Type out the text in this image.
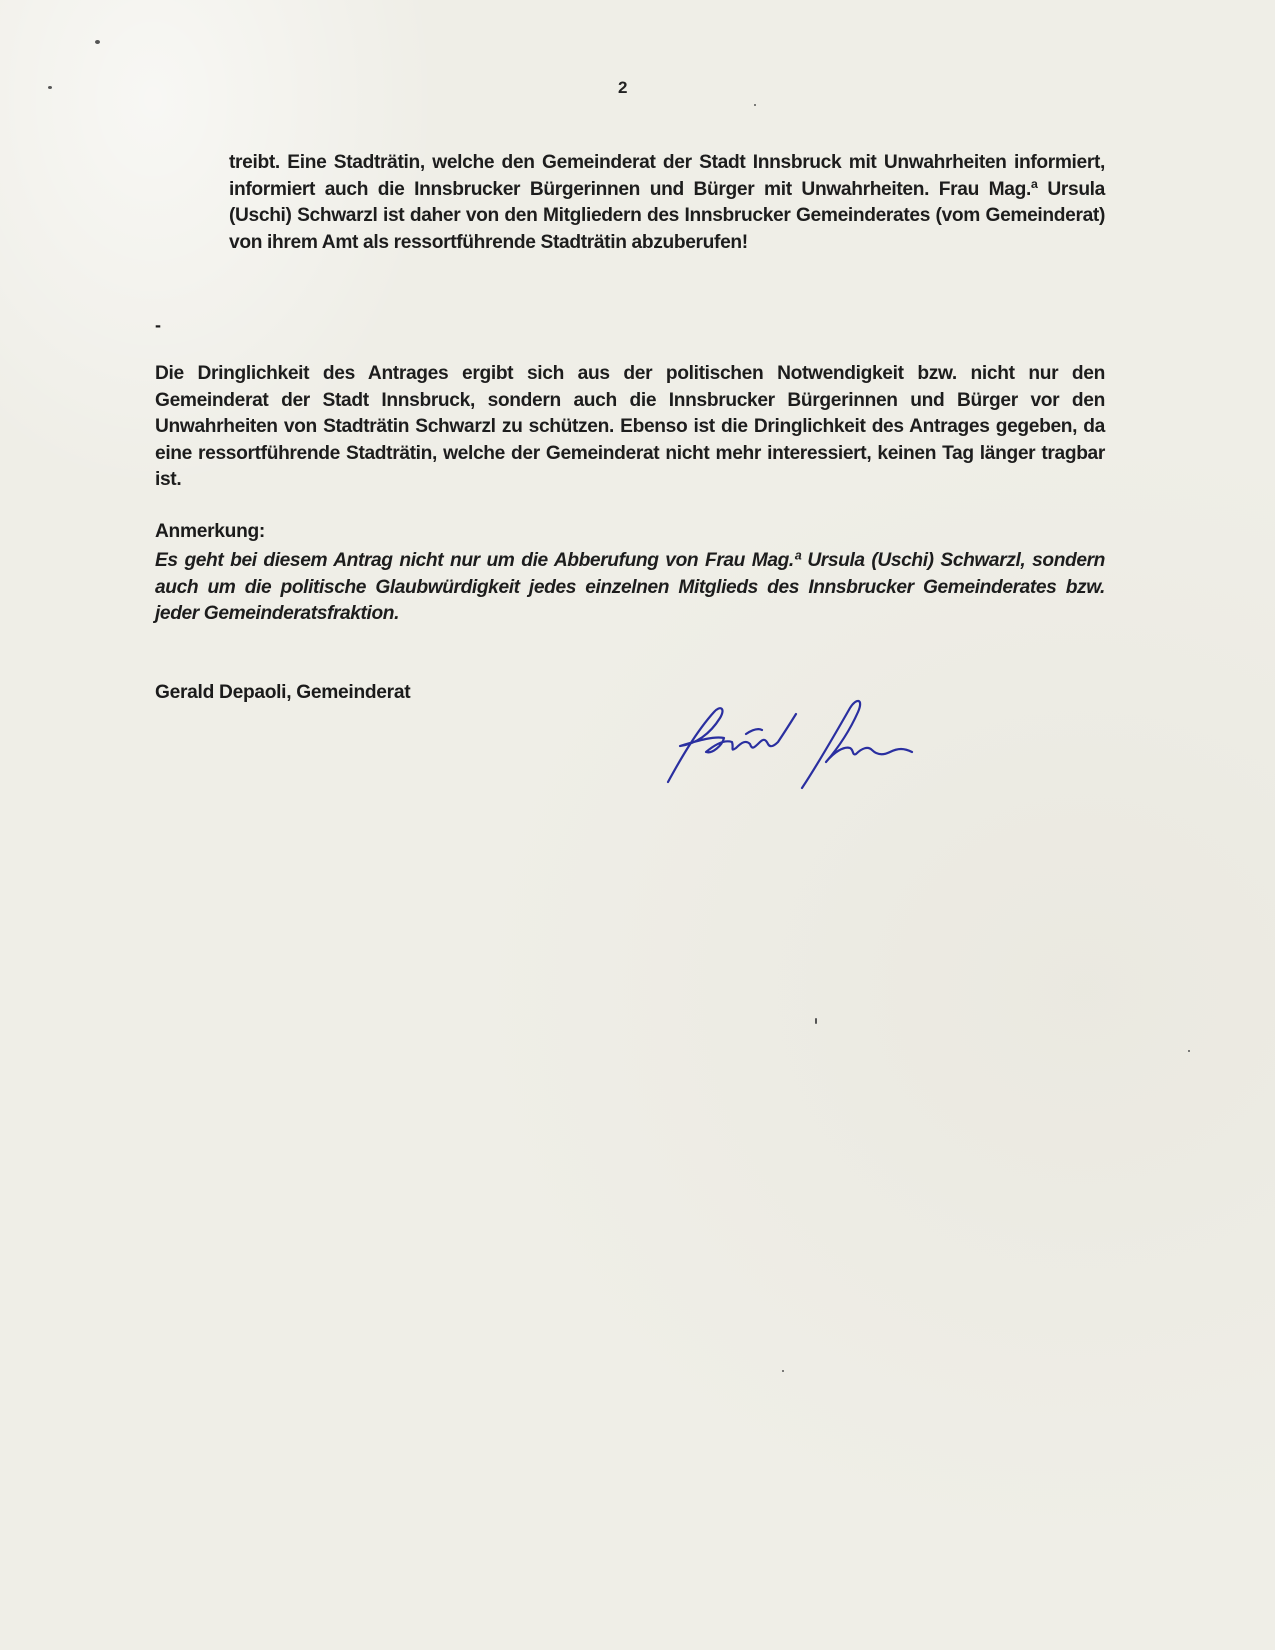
2
treibt. Eine Stadträtin, welche den Gemeinderat der Stadt Innsbruck mit Unwahrheiten informiert, informiert auch die Innsbrucker Bürgerinnen und Bürger mit Unwahrheiten. Frau Mag.ª Ursula (Uschi) Schwarzl ist daher von den Mitgliedern des Innsbrucker Gemeinderates (vom Gemeinderat) von ihrem Amt als ressortführende Stadträtin abzuberufen!
-
Die Dringlichkeit des Antrages ergibt sich aus der politischen Notwendigkeit bzw. nicht nur den Gemeinderat der Stadt Innsbruck, sondern auch die Innsbrucker Bürgerinnen und Bürger vor den Unwahrheiten von Stadträtin Schwarzl zu schützen. Ebenso ist die Dringlichkeit des Antrages gegeben, da eine ressortführende Stadträtin, welche der Gemeinderat nicht mehr interessiert, keinen Tag länger tragbar ist.
Anmerkung:
Es geht bei diesem Antrag nicht nur um die Abberufung von Frau Mag.ª Ursula (Uschi) Schwarzl, sondern auch um die politische Glaubwürdigkeit jedes einzelnen Mitglieds des Innsbrucker Gemeinderates bzw. jeder Gemeinderatsfraktion.
Gerald Depaoli, Gemeinderat
